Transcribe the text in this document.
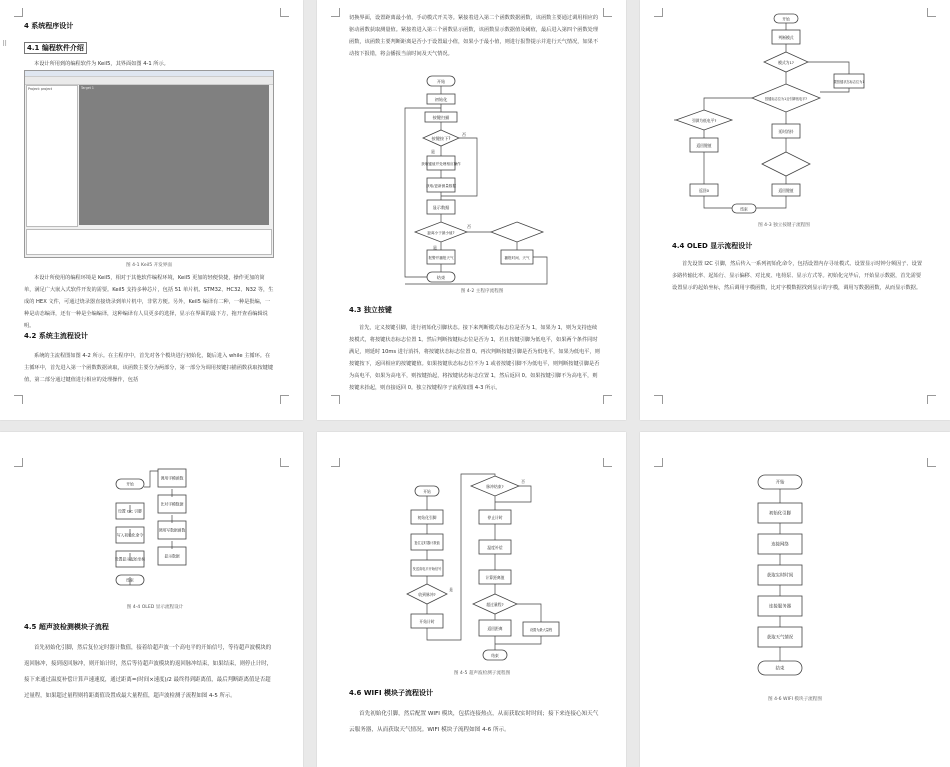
4 系统程序设计
⠿	4.1 编程软件介绍
本设计所用到的编程软件为 Keil5，其界面如图 4-1 所示。
Project: project	Target 1
图 4-1 Keil5 开发界面
本设计所使用的编程环境是 Keil5，相对于其他软件编程环境，Keil5 更加的轻便快捷，操作更加的简单，满足广大嵌入式软件开发的需要。Keil5 支持多种芯片，包括 51 单片机、STM32、HC32、N32 等，生成的 HEX 文件，可通过烧录器直接烧录到单片机中，非常方便。另外，Keil5 编译有二种，一种是批编，一种是动态编译，还有一种是全编编译，这种编译有人员更多的选择，显示在界面的最下方，拖开查看编辑说明。
4.2 系统主流程设计
系统的主流程图如图 4-2 所示。在主程序中，首先对各个模块进行初始化，随后进入 while 主循环。在主循环中，首先进入第一个函数数据读取，该函数主要分为两部分，第一部分为调用按键扫描函数获取按键键值，第二部分通过键值进行相应的处理操作，包括
切换界面，设置距离最小值，手动模式开关等。紧接着进入第二个函数数据函数，该函数主要通过调用相应的驱动函数获取测量值。紧接着进入第三个函数显示函数，该函数显示数据值及阈值，最后进入第四个函数处理函数，该函数主要判断距离是否小于设置最小值，如果小于最小值，则进行报警提示并进行天气情况，如果不动按下报错，将会播报当前时间及天气情况。
开始
初始化
按键扫描
按键按下?
是
否
获取键值并处理相应操作
获取/更新测量数据
显示数据
距离小于最小值?
否
是
报警并播报天气	播报时间、天气
结束
图 4-2 主程序流程图
4.3 独立按键
首先，定义按键引脚，进行初始化引脚状态。接下来判断模式标志位是否为 1，如果为 1，则为支持连续按模式，将按键状态标志位置 1。然后判断按键标志位是否为 1，若且按键引脚为低电平，如果两个条件同时满足，则延时 10ms 进行消抖，将按键状态标志位置 0。再次判断按键引脚是否为低电平，如果为低电平，则按键按下，返回相应的按键键值。如果按键状态标志位不为 1 或者按键引脚不为低电平，则判断按键引脚是否为高电平，如果为高电平，则按键抬起，将按键状态标志位置 1，然后返回 0。如果按键引脚不为高电平，则按键未抬起，则直接返回 0。独立按键程序子流程如图 4-3 所示。
开始
判断模式
模式为1?
置按键状态标志位为1
按键标志位为1且引脚低电平?
引脚为低电平?
延时消抖
返回键值
返回0	返回键值
结束
图 4-3 独立按键子流程图
4.4 OLED 显示流程设计
首先设置 I2C 引脚，然后传入一系列初始化命令，包括设置内存寻址模式、设置显示时钟分频因子、设置多路传输比率、起始行、显示偏移、对比度、电荷泵、显示方式等。初始化完毕后，开始显示数据，首先需要设置显示的起始坐标，然后调用字模函数，比对字模数据找到显示的字模，调用写数据函数，从而显示数据。
开始
设置 I2C 引脚
写入初始化命令
设置显示起始坐标
结束
调用字模函数
比对字模数据
调用写数据函数
显示数据
图 4-4 OLED 显示流程设计
4.5 超声波检测模块子流程
首先初始化引脚，然后复位定时器计数值，接着给超声波一个高电平的开始信号，等待超声波模块的返回脉冲，接到返回脉冲，则开始计时，然后等待超声波模块的返回脉冲结束，如果结束，则停止计时，接下来通过温度补偿计算声速速度，通过距离=(时间×速度)/2 最终得到距离值，最后判断距离值是否超过量程，如果超过量程则将距离值设置成最大量程值，超声波检测子流程如图 4-5 所示。
开始
初始化引脚
复位定时器计数值
发送高电平开始信号
收到脉冲?
是
开始计时
脉冲结束?
否
停止计时
温度补偿
计算距离值
超过量程?
返回距离	设置为最大量程
结束
图 4-5 超声波检测子流程图
4.6 WIFI 模块子流程设计
首先初始化引脚，然后配置 WIFI 模块，包括连接热点，从而获取实时时间；接下来连接心知天气云服务器，从而获取天气情况。WIFI 模块子流程如图 4-6 所示。
开始
初始化引脚
连接网络
获取实时时间
连接服务器
获取天气情况
结束
图 4-6 WIFI 模块子流程图
